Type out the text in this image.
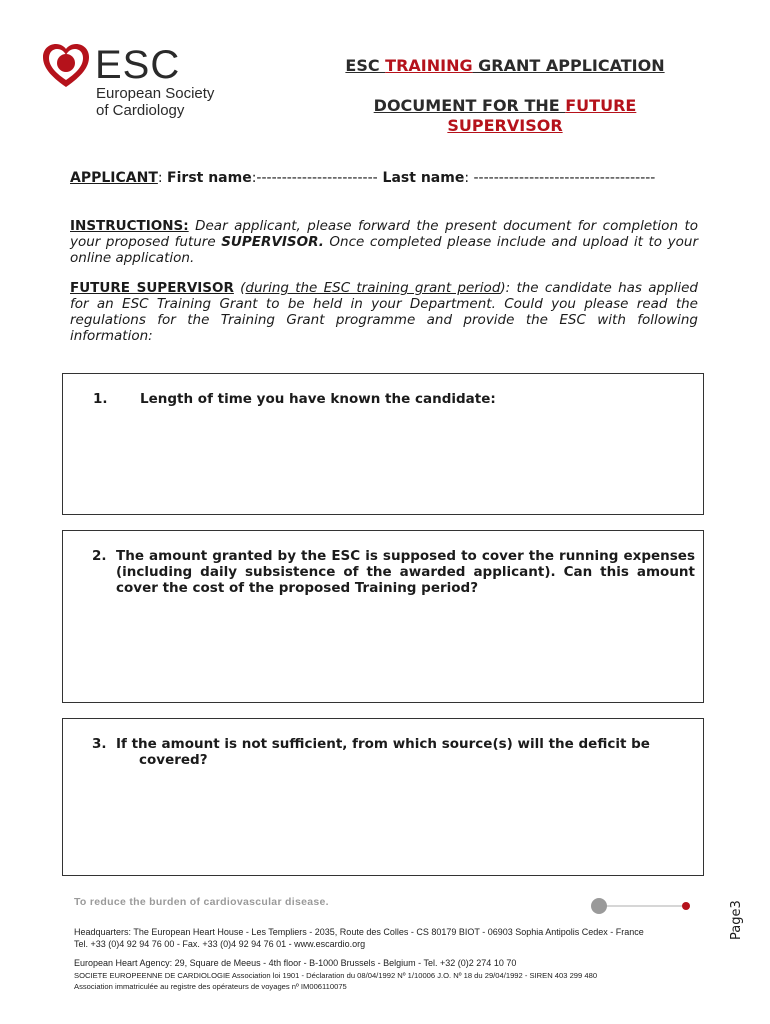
ESC
European Society
of Cardiology
ESC TRAINING GRANT APPLICATION
DOCUMENT FOR THE FUTURE
SUPERVISOR
APPLICANT: First name:------------------------ Last name: ------------------------------------
INSTRUCTIONS: Dear applicant, please forward the present document for completion to your proposed future SUPERVISOR. Once completed please include and upload it to your online application.
FUTURE SUPERVISOR (during the ESC training grant period): the candidate has applied for an ESC Training Grant to be held in your Department. Could you please read the regulations for the Training Grant programme and provide the ESC with following information:
1. Length of time you have known the candidate:
2. The amount granted by the ESC is supposed to cover the running expenses (including daily subsistence of the awarded applicant). Can this amount cover the cost of the proposed Training period?
3. If the amount is not sufficient, from which source(s) will the deficit be
covered?
To reduce the burden of cardiovascular disease.
Headquarters: The European Heart House - Les Templiers - 2035, Route des Colles - CS 80179 BIOT - 06903 Sophia Antipolis Cedex - France
Tel. +33 (0)4 92 94 76 00 - Fax. +33 (0)4 92 94 76 01 - www.escardio.org
European Heart Agency: 29, Square de Meeus - 4th floor - B-1000 Brussels - Belgium - Tel. +32 (0)2 274 10 70
SOCIETE EUROPEENNE DE CARDIOLOGIE Association loi 1901 - Déclaration du 08/04/1992 Nº 1/10006 J.O. Nº 18 du 29/04/1992 - SIREN 403 299 480
Association immatriculée au registre des opérateurs de voyages nº IM006110075
Page3
